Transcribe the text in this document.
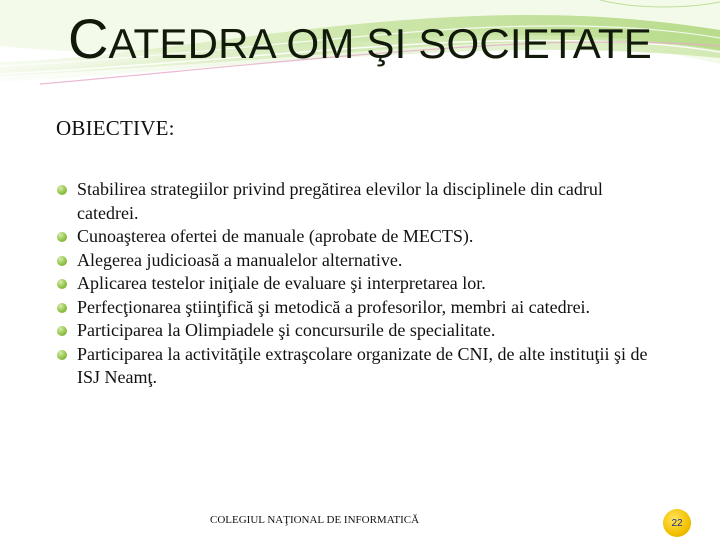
CATEDRA OM ŞI SOCIETATE
OBIECTIVE:
Stabilirea strategiilor privind pregătirea elevilor la disciplinele din cadrul catedrei.
Cunoaşterea ofertei de manuale (aprobate de MECTS).
Alegerea judicioasă a manualelor alternative.
Aplicarea testelor iniţiale de evaluare şi interpretarea lor.
Perfecţionarea ştiinţifică şi metodică a profesorilor, membri ai catedrei.
Participarea la Olimpiadele şi concursurile de specialitate.
Participarea la activităţile extraşcolare organizate de CNI, de alte instituţii şi de ISJ Neamţ.

COLEGIUL NAŢIONAL DE INFORMATICĂ	22
